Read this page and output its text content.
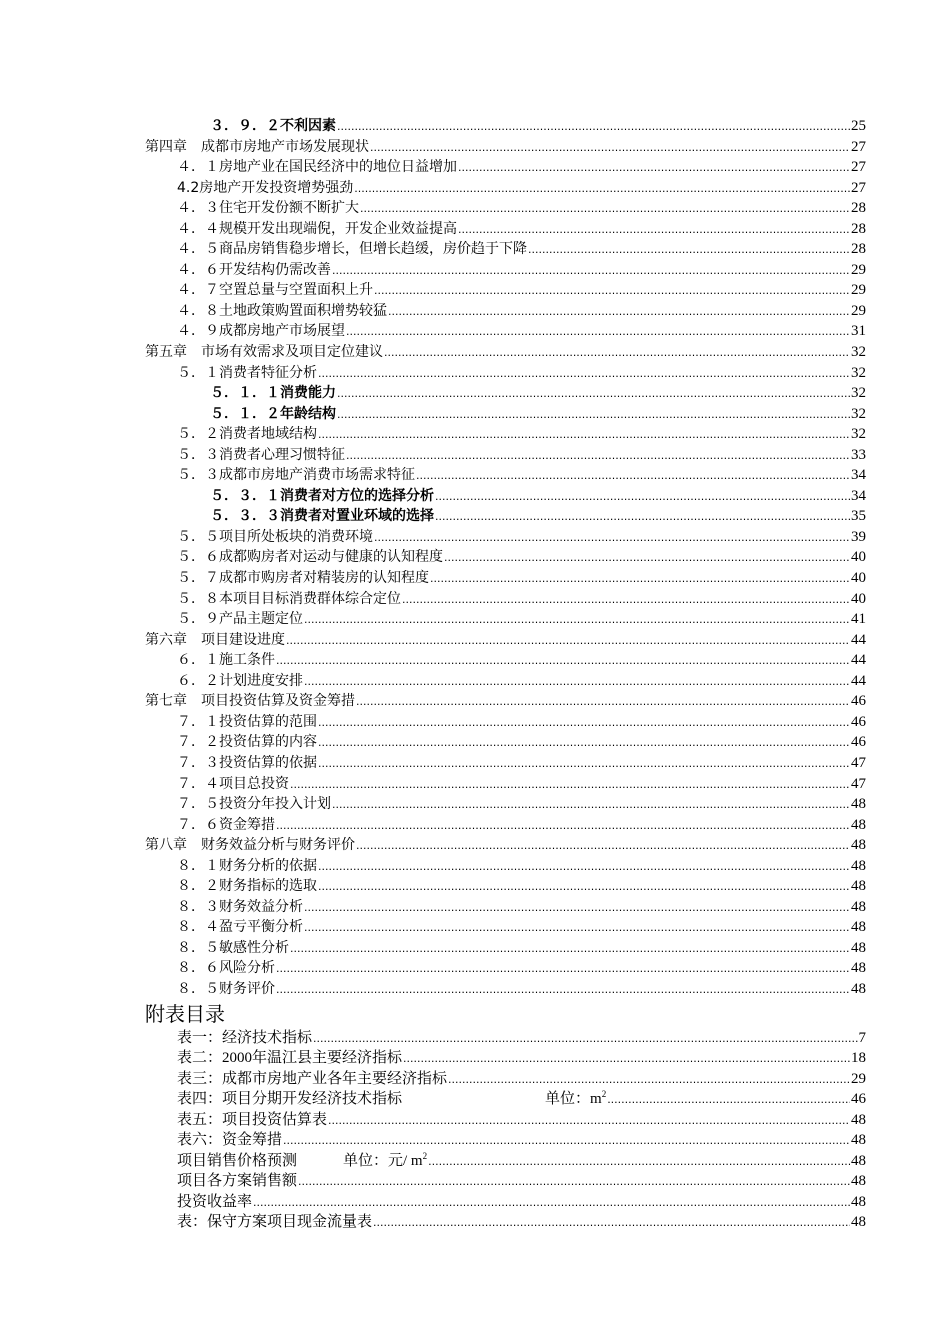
３．９．２不利因素 .....	25
第四章　成都市房地产市场发展现状 .....	27
４．１房地产业在国民经济中的地位日益增加 .....	27
4.2房地产开发投资增势强劲 .....	27
４．３住宅开发份额不断扩大 .....	28
４．４规模开发出现端倪，开发企业效益提高 .....	28
４．５商品房销售稳步增长，但增长趋缓，房价趋于下降 .....	28
４．６开发结构仍需改善 .....	29
４．７空置总量与空置面积上升 .....	29
４．８土地政策购置面积增势较猛 .....	29
４．９成都房地产市场展望 .....	31
第五章　市场有效需求及项目定位建议 .....	32
５．１消费者特征分析 .....	32
５．１．１消费能力 .....	32
５．１．２年龄结构 .....	32
５．２消费者地域结构 .....	32
５．３消费者心理习惯特征 .....	33
５．３成都市房地产消费市场需求特征 .....	34
５．３．１消费者对方位的选择分析 .....	34
５．３．３消费者对置业环域的选择 .....	35
５．５项目所处板块的消费环境 .....	39
５．６成都购房者对运动与健康的认知程度 .....	40
５．７成都市购房者对精装房的认知程度 .....	40
５．８本项目目标消费群体综合定位 .....	40
５．９产品主题定位 .....	41
第六章　项目建设进度 .....	44
６．１施工条件 .....	44
６．２计划进度安排 .....	44
第七章　项目投资估算及资金筹措 .....	46
７．１投资估算的范围 .....	46
７．２投资估算的内容 .....	46
７．３投资估算的依据 .....	47
７．４项目总投资 .....	47
７．５投资分年投入计划 .....	48
７．６资金筹措 .....	48
第八章　财务效益分析与财务评价 .....	48
８．１财务分析的依据 .....	48
８．２财务指标的选取 .....	48
８．３财务效益分析 .....	48
８．４盈亏平衡分析 .....	48
８．５敏感性分析 .....	48
８．６风险分析 .....	48
８．５财务评价 .....	48
附表目录
表一：经济技术指标 .....	7
表二：2000年温江县主要经济指标 .....	18
表三：成都市房地产业各年主要经济指标 .....	29
表四：项目分期开发经济技术指标	单位：$m^2$ .....	46
表五：项目投资估算表 .....	48
表六：资金筹措 .....	48
项目销售价格预测	单位：元/ $m^2$ .....	48
项目各方案销售额 .....	48
投资收益率 .....	48
表：保守方案项目现金流量表 .....	48
